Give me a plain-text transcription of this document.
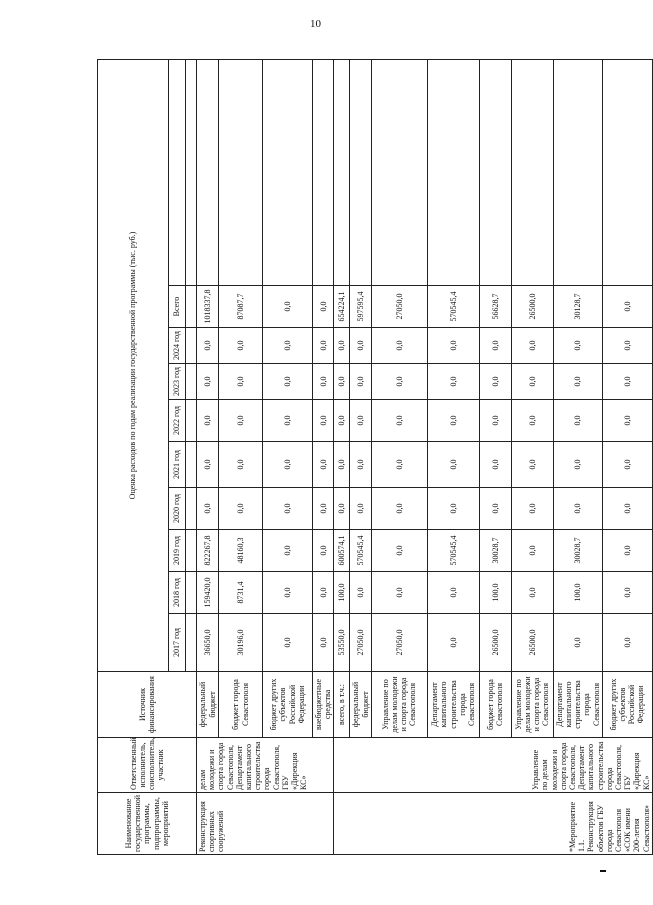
10
Наименование государственной программы, подпрограммы, мероприятий	Ответственный исполнитель, соисполнитель, участник	Источник финансирования	Оценка расходов по годам реализации государственной программы (тыс. руб.)									
			2017 год	2018 год	2019 год	2020 год	2021 год	2022 год	2023 год	2024 год	Всего	

Реконструкция спортивных сооружений	делам молодежи и спорта города Севастополя, Департамент капитального строительства города Севастополя, ГБУ «Дирекция КС»	федеральный бюджет	36650,0	159420,0	822267,8	0,0	0,0	0,0	0,0	0,0	1018337,8	
		бюджет города Севастополя	30196,0	8731,4	48160,3	0,0	0,0	0,0	0,0	0,0	87087,7	
		бюджет других субъектов Российской Федерации	0,0	0,0	0,0	0,0	0,0	0,0	0,0	0,0	0,0	
		внебюджетные средства	0,0	0,0	0,0	0,0	0,0	0,0	0,0	0,0	0,0	
*Мероприятие 1.1. Реконструкция объектов ГБУ города Севастополя «СОК имени 200-летия Севастополя»	Управление по делам молодежи и спорта города Севастополя, Департамент капитального строительства города Севастополя, ГБУ «Дирекция КС»	всего, в т.ч.:	53550,0	100,0	600574,1	0,0	0,0	0,0	0,0	0,0	654224,1	
		федеральный бюджет	27050,0	0,0	570545,4	0,0	0,0	0,0	0,0	0,0	597595,4	
		Управление по делам молодежи и спорта города Севастополя	27050,0	0,0	0,0	0,0	0,0	0,0	0,0	0,0	27050,0	
		Департамент капитального строительства города Севастополя	0,0	0,0	570545,4	0,0	0,0	0,0	0,0	0,0	570545,4	
		бюджет города Севастополя	26500,0	100,0	30028,7	0,0	0,0	0,0	0,0	0,0	56628,7	
		Управление по делам молодежи и спорта города Севастополя	26500,0	0,0	0,0	0,0	0,0	0,0	0,0	0,0	26500,0	
		Департамент капитального строительства города Севастополя	0,0	100,0	30028,7	0,0	0,0	0,0	0,0	0,0	30128,7	
		бюджет других субъектов Российской Федерации	0,0	0,0	0,0	0,0	0,0	0,0	0,0	0,0	0,0	
